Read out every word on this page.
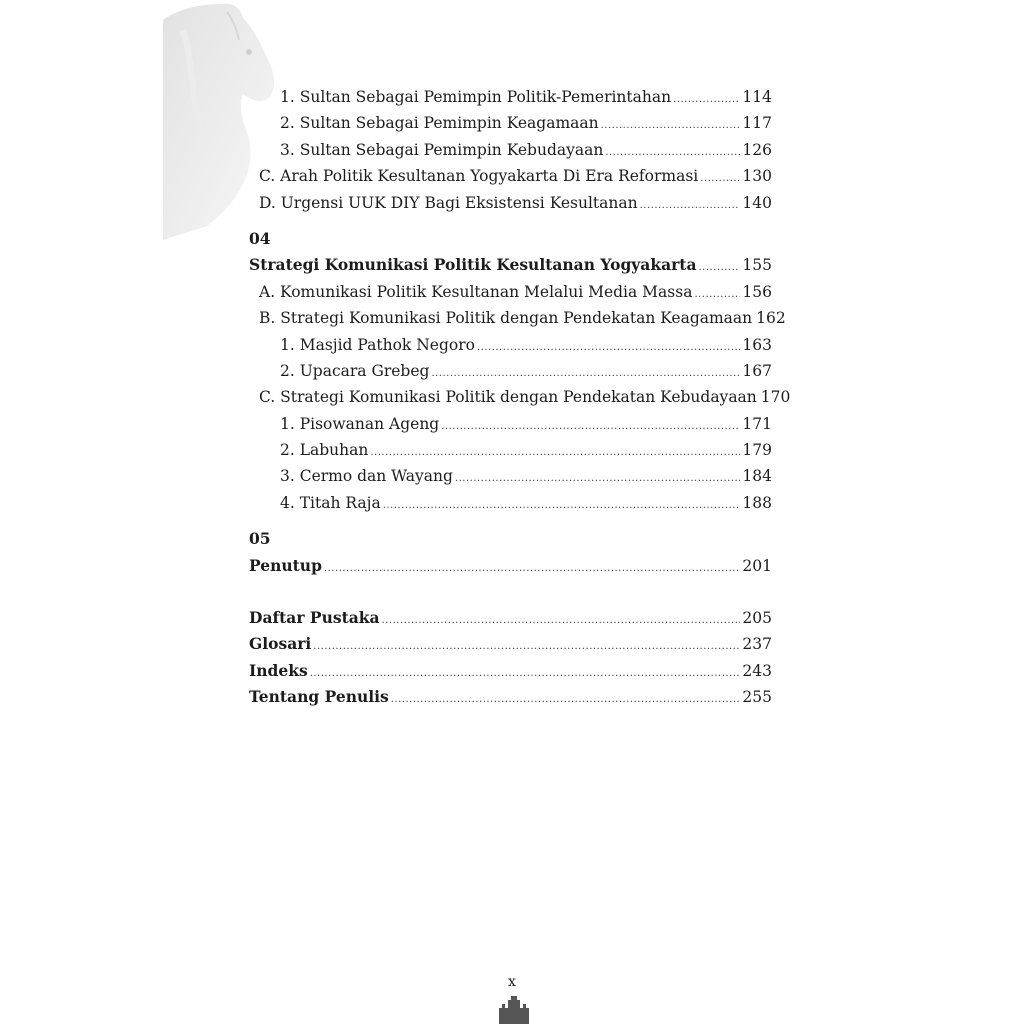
1. Sultan Sebagai Pemimpin Politik-Pemerintahan .....	114
2. Sultan Sebagai Pemimpin Keagamaan .....	117
3. Sultan Sebagai Pemimpin Kebudayaan .....	126
C. Arah Politik Kesultanan Yogyakarta Di Era Reformasi .....	130
D. Urgensi UUK DIY Bagi Eksistensi Kesultanan .....	140
04
Strategi Komunikasi Politik Kesultanan Yogyakarta .....	155
A. Komunikasi Politik Kesultanan Melalui Media Massa .....	156
B. Strategi Komunikasi Politik dengan Pendekatan Keagamaan 162
1. Masjid Pathok Negoro .....	163
2. Upacara Grebeg .....	167
C. Strategi Komunikasi Politik dengan Pendekatan Kebudayaan 170
1. Pisowanan Ageng .....	171
2. Labuhan .....	179
3. Cermo dan Wayang .....	184
4. Titah Raja .....	188
05
Penutup .....	201
Daftar Pustaka .....	205
Glosari .....	237
Indeks .....	243
Tentang Penulis .....	255
x
